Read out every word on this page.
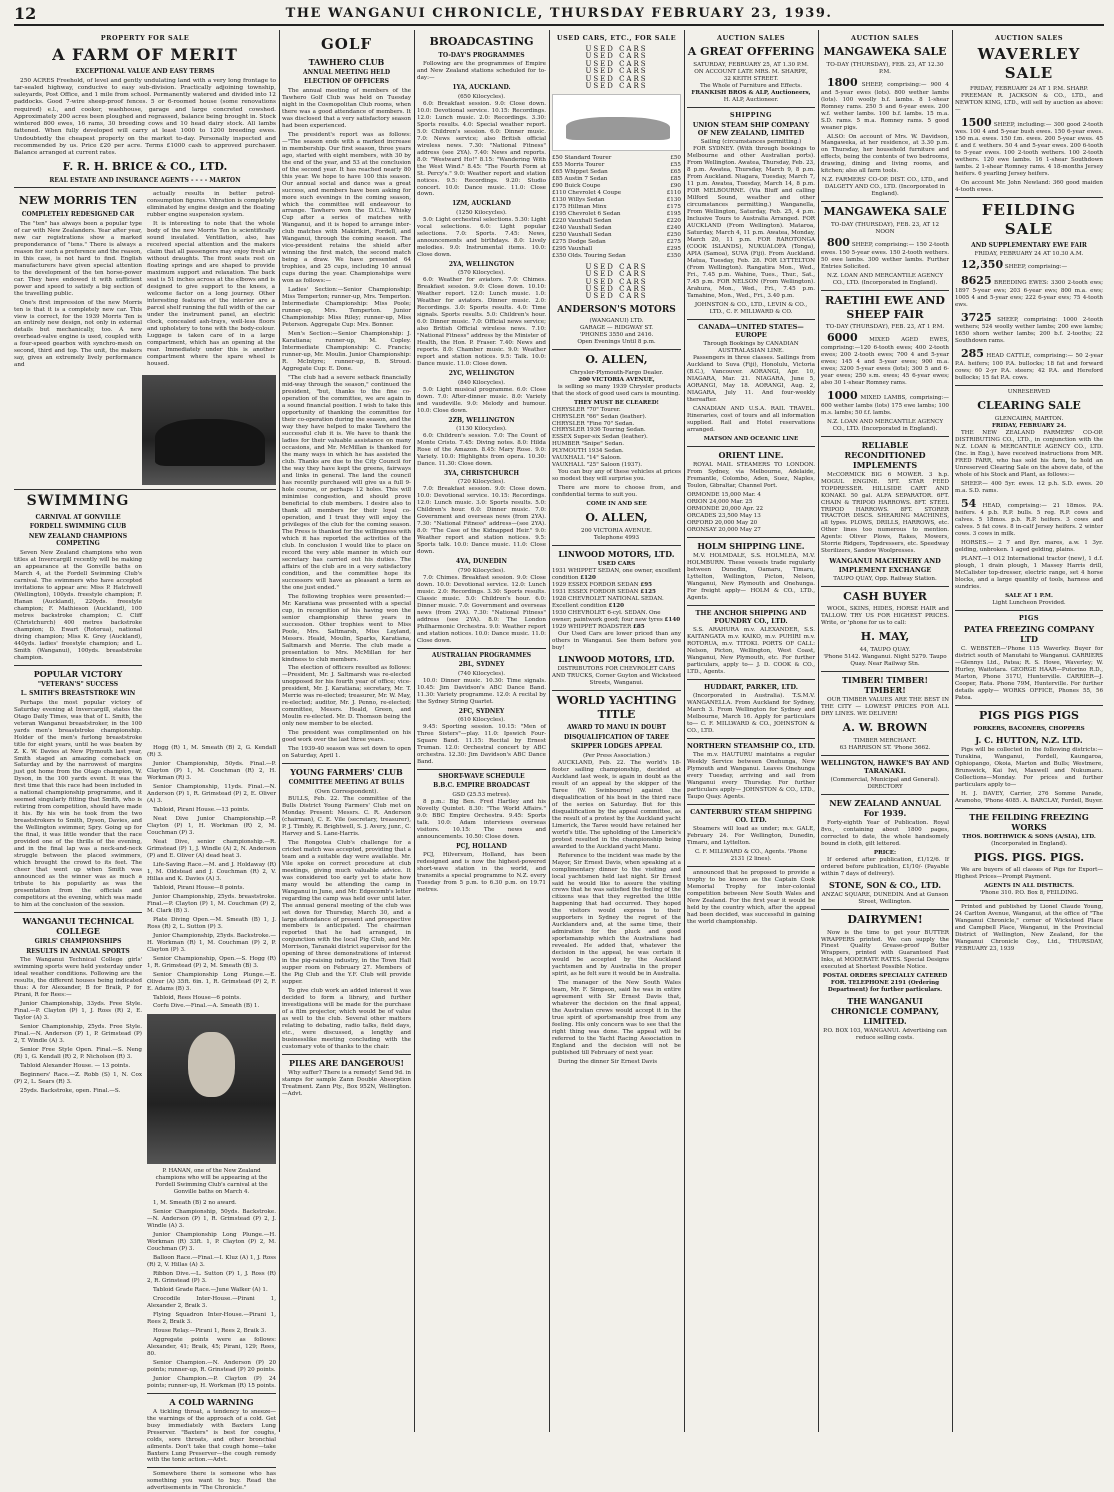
12	THE WANGANUI CHRONICLE, THURSDAY FEBRUARY 23, 1939.
PROPERTY FOR SALE
A FARM OF MERIT
EXCEPTIONAL VALUE AND EASY TERMS

250 ACRES Freehold, of level and gently undulating land with a very long frontage to tar-sealed highway, conducive to easy sub-division. Practically adjoining township, saleyards, Post Office, and 1 mile from school. Permanently watered and divided into 12 paddocks. Good 7-wire sheep-proof fences. 5 or 6-roomed house (some renovations required) e.l., and cooker, washhouse, garage and large concreted cowshed. Approximately 200 acres been ploughed and regrassed, balance being brought in. Stock wintered 800 ewes, 16 rams, 30 breeding cows and 10 head dairy stock. All lambs fattened. When fully developed will carry at least 1000 to 1200 breeding ewes. Undoubtedly the cheapest property on the market to-day. Personally inspected and recommended by us. Price £20 per acre. Terms £1000 cash to approved purchaser. Balance arranged at current rates.

F. R. H. BRICE & CO., LTD.
REAL ESTATE AND INSURANCE AGENTS - - - - MARTON
NEW MORRIS TEN
COMPLETELY REDESIGNED CAR

The "ten" has always been a popular type of car with New Zealanders. Year after year, new car registrations show a marked preponderance of "tens." There is always a reason for such a preference and the reason, in this case, is not hard to find. English manufacturers have given special attention to the development of the ten horse-power car. They have endowed it with sufficient power and speed to satisfy a big section of the travelling public.

One's first impression of the new Morris ten is that it is a completely new car. This view is correct, for the 1939 Morris Ten is an entirely new design, not only in external details but mechanically, too. A new overhead-valve engine is used, coupled with a four-speed gearbox with synchro-mesh on second, third and top. The unit, the makers say, gives an extremely lively performance and

actually results in better petrol-consumption figures. Vibration is completely eliminated by engine design and the floating rubber engine suspension system.

It is interesting to note that the whole body of the new Morris Ten is scientifically sound insulated. Ventilation, also, has received special attention and the makers claim that all passengers may enjoy fresh air without draughts. The front seats rest on floating springs and are shaped to provide maximum support and relaxation. The back seat is 51 inches across at the elbows and is designed to give support to the knees, a welcome factor on a long journey. Other interesting features of the interior are a parcel shelf running the full width of the car under the instrument panel, an electric clock, concealed ash-trays, well-less floors and upholstery to tone with the body-colour. Luggage is taken care of in a large compartment, which has an opening at the rear. Immediately under this is another compartment where the spare wheel is housed.

SWIMMING
CARNIVAL AT GONVILLE
FORDELL SWIMMING CLUB
NEW ZEALAND CHAMPIONS COMPETING

Seven New Zealand champions who won titles at Invercargill recently will be making an appearance at the Gonville baths on March 4, at the Fordell Swimming Club's carnival. The swimmers who have accepted invitations to appear are: Miss P. Hatchwell (Wellington), 100yds. freestyle champion; F. Hanan (Auckland), 220yds. freestyle champion; F. Mathieson (Auckland), 100 metres backstroke champion; C. Cliff (Christchurch) 400 metres backstroke champion; D. Ewart (Rotorua), national diving champion; Miss K. Grey (Auckland), 440yds. ladies' freestyle champion; and L. Smith (Wanganui), 100yds. breaststroke champion.

POPULAR VICTORY
"VETERAN'S" SUCCESS
L. SMITH'S BREASTSTROKE WIN

Perhaps the most popular victory of Saturday evening at Invercargill, states the Otago Daily Times, was that of L. Smith, the veteran Wanganui breaststroker, in the 100 yards men's breaststroke championship. Holder of the men's furlong breaststroke title for eight years, until he was beaten by Z. K. W. Davies at New Plymouth last year, Smith staged an amazing comeback on Saturday and by the narrowest of margins just got home from the Otago champion, W. Dyson, in the 100 yards event. It was the first time that this race had been included in a national championship programme, and it seemed singularly fitting that Smith, who is retiring from competition, should have made it his. By his win he took from the two breaststrokers to Smith, Dyson, Davies, and the Wellington swimmer, Spry. Going up for the final, it was little wonder that the race provided one of the thrills of the evening, and in the final lap was a neck-and-neck struggle between the placed swimmers, which brought the crowd to its feet. The cheer that went up when Smith was announced as the winner was as much a tribute to his popularity as was the presentation from the officials and competitors at the evening, which was made to him at the conclusion of the session.

WANGANUI TECHNICAL COLLEGE
GIRLS' CHAMPIONSHIPS
RESULTS IN ANNUAL SPORTS

The Wanganui Technical College girls' swimming sports were held yesterday under ideal weather conditions. Following are the results, the different houses being indicated thus: A for Alexander, B for Braik, P for Pirani, R for Rees:—

Junior Championship, 33yds. Free Style. Final.—P. Clayton (P) 1, J. Ross (R) 2, E. Taylor (A) 3.

Senior Championship, 25yds. Free Style. Final.—N. Anderson (P) 1, P. Grimstead (P) 2, T. Windle (A) 3.

Senior Free Style Open. Final.—S. Neng (R) 1, G. Kendall (R) 2, P. Nicholson (R) 3.

Tabloid Alexander House. — 13 points.

Beginners' Race.—Z. Robb (S) 1, N. Cox (P) 2, L. Sears (R) 3.

25yds. Backstroke, open. Final.—S.

Hogg (R) 1, M. Smeath (B) 2, G. Kendall (R) 3.

Junior Championship, 50yds. Final.—P. Clayton (P) 1, M. Couchman (R) 2, H. Workman (R) 3.

Senior Championship, 11yds. Final.—N. Anderson (P) 1, R. Grimstead (P) 2, E. Oliver (A) 3.

Tabloid, Pirani House.—13 points.

Neat Dive Junior Championship.—P. Clayton (P) 1, H. Workman (R) 2, M. Couchman (P) 3.

Neat Dive, senior championship.—R. Grimstead (P) 1, J. Windle (A) 2, N. Anderson (P) and E. Oliver (A) dead heat 3.

Life-Saving Race.—M. and J. Holdaway (R) 1, M. Oldstead and J. Couchman (R) 2, V. Hillas and K. Davies (A) 3.

Tabloid, Pirani House—8 points.

Junior Championship, 25yds. breaststroke. Final.—P. Clayton (P) 1, M. Couchman (P) 2, M. Clark (B) 3.

Plate Diving Open.—M. Smeath (B) 1, J. Ross (R) 2, L. Sutton (P) 3.

Junior Championship, 25yds. Backstroke.—H. Workman (R) 1, M. Couchman (P) 2, P. Clayton (P) 3.

Senior Championship, Open.—S. Hogg (R) 1, R. Grimstead (P) 2, M. Smeath (B) 3.

Senior Championship Long Plunge.—E. Oliver (A) 35ft. 6in. 1, R. Grimstead (P) 2, F. E. Adams (B) 3.

Tabloid, Rees House—6 points.

Corfu Dive.—Final.—A. Smeath (B) 1.

P. HANAN, one of the New Zealand champions who will be appearing at the Fordell Swimming Club's carnival at the Gonville baths on March 4.

1, M. Smeath (B) 2 no award.

Senior Championship, 50yds. Backstroke.—N. Anderson (P) 1, R. Grimstead (P) 2, J. Windle (A) 3.

Junior Championship Long Plunge.—H. Workman (R) 33ft. 1, P. Clayton (P) 2, M. Couchman (P) 3.

Balloon Race.—Final.—I. Kluz (A) 1, J. Ross (R) 2, V. Hillas (A) 3.

Ribbon Dive.—L. Sutton (P) 1, J. Ross (R) 2, R. Grinstead (P) 3.

Tabloid Grade Race.—June Walker (A) 1.

Crocodile Inter-House.—Pirani 1, Alexander 2, Braik 3.

Flying Squadron Inter-House.—Pirani 1, Rees 2, Braik 3.

House Relay.—Pirani 1, Rees 2, Braik 3.

Aggregate points were as follows: Alexander, 41; Braik, 45; Pirani, 129; Rees, 80.

Senior Champion.—N. Anderson (P) 20 points; runner-up, R. Grinstead (P) 20 points.

Junior Champion.—P. Clayton (P) 24 points; runner-up, H. Workman (R) 15 points.

A COLD WARNING

A tickling throat, a tendency to sneeze—the warnings of the approach of a cold. Get busy immediately with Baxters Lung Preserver. "Baxters" is best for coughs, colds, sore throats, and other bronchial ailments. Don't take that cough home—take Baxters Lung Preserver—the cough remedy with the tonic action.—Advt.

Somewhere there is someone who has something you want to buy. Read the advertisements in "The Chronicle."

GOLF
TAWHERO CLUB
ANNUAL MEETING HELD
ELECTION OF OFFICERS

The annual meeting of members of the Tawhero Golf Club was held on Tuesday night in the Cosmopolitan Club rooms, when there was a good attendance of members. It was disclosed that a very satisfactory season had been experienced.

The president's report was as follows:—"The season ends with a marked increase in membership. Our first season, three years ago, started with eight members, with 30 by the end of the year, and 53 at the conclusion of the second year. It has reached nearly 80 this year. We hope to have 100 this season. Our annual social and dance was a great success, and members have been asking for more such evenings in the coming season, which the committee will endeavour to arrange. Tawhero won the D.C.L. Whisky Cup after a series of matches with Wanganui, and it is hoped to arrange inter-club matches with Makirikiri, Fordell, and Wanganui, through the coming season. The vice-president retains the shield after winning the first match, the second match being a draw. We have presented 64 trophies, and 25 cups, including 10 annual cups during the year. Championships were won as follows:—

Ladies' Section:—Senior Championship: Miss Temperton; runner-up, Mrs. Temperton. Intermediate Championship: Miss Poole; runner-up, Mrs. Temperton. Junior Championship: Miss Riley; runner-up, Miss Peterson. Aggregate Cup: Mrs. Bonner.

Men's Section:—Senior Championship: J. Karatiana; runner-up, M. Copley. Intermediate Championship: C. Francis; runner-up, Mr. Moulin. Junior Championship: R. McIntyre; runner-up, B. Stroud. Aggregate Cup: E. Done.

"The club had a severe setback financially mid-way through the season," continued the president, "but, thanks to the fine co-operation of the committee, we are again in a sound financial position. I wish to take this opportunity of thanking the committee for their co-operation during the season, and the way they have helped to make Tawhero the successful club it is. We have to thank the ladies for their valuable assistance on many occasions, and Mr. McMillan is thanked for the many ways in which he has assisted the club. Thanks are due to the City Council for the way they have kept the greens, fairways and links in general. The land the council has recently purchased will give us a full 9-hole course, or perhaps 12 holes. This will minimise congestion, and should prove beneficial to club members. I desire also to thank all members for their loyal co-operation, and I trust they will enjoy the privileges of the club for the coming season. The Press is thanked for the willingness with which it has reported the activities of the club. In conclusion I would like to place on record the very able manner in which our secretary has carried out his duties. The affairs of the club are in a very satisfactory condition, and the committee hope its successors will have as pleasant a term as the one just ended."

The following trophies were presented:—Mr. Karatiana was presented with a special cup, in recognition of his having won the senior championship three years in succession. Other trophies went to Miss Poole, Mrs. Saltmarsh, Miss Leyland, Messrs. Heald, Moulin, Sparks, Karatiana, Saltmarsh and Merrie. The club made a presentation to Mrs. McMillan for her kindness to club members.

The election of officers resulted as follows:—President, Mr. J. Saltmarsh was re-elected unopposed for his fourth year of office; vice-president, Mr. J. Karatiana; secretary, Mr. T. Merrie was re-elected; treasurer, Mr. W. May, re-elected; auditor, Mr. J. Penno, re-elected; committee, Messrs. Heald, Green, and Moulin re-elected. Mr. D. Thomson being the only new member to be elected.

The president was complimented on his good work over the last three years.

The 1939-40 season was set down to open on Saturday, April 1.

YOUNG FARMERS' CLUB
COMMITTEE MEETING AT BULLS
(Own Correspondent).

BULLS, Feb. 22. The committee of the Bulls District Young Farmers' Club met on Monday. Present: Messrs. C. R. Anderson (chairman), C. E. Vile (secretary, treasurer), P. J. Timbly, R. Brightwell, S. J. Avery, junr., C. Harvey and S. Lane-Harris.

The Rongotea Club's challenge for a cricket match was accepted, providing that a team and a suitable day were available. Mr. Vile spoke on correct procedure at club meetings, giving much valuable advice. It was considered too early yet to state how many would be attending the camp in Wanganui in June, and Mr. Edgecomb's letter regarding the camp was held over until later. The annual general meeting of the club was set down for Thursday, March 30, and a large attendance of present and prospective members is anticipated. The chairman reported that he had arranged, in conjunction with the local Pig Club, and Mr. Morrison, Taranaki district supervisor for the opening of three demonstrations of interest in the pig-raising industry, in the Town Hall supper room on February 27. Members of the Pig Club and the Y.F. Club will provide supper.

To give club work an added interest it was decided to form a library, and further investigations will be made for the purchase of a film projector, which would be of value as well to the club. Several other matters relating to debating, radio talks, field days, etc., were discussed, a lengthy and businesslike meeting concluding with the customary vote of thanks to the chair.

PILES ARE DANGEROUS!

Why suffer? There is a remedy! Send 9d. in stamps for sample Zann Double Absorption Treatment. Zann Pty., Box 952N, Wellington.—Advt.

BROADCASTING
TO-DAY'S PROGRAMMES

Following are the programmes of Empire and New Zealand stations scheduled for to-day:—

1YA, AUCKLAND.
(650 Kilocycles).

6.0: Breakfast session. 9.0: Close down. 10.0: Devotional service. 10.15: Recordings. 12.0: Lunch music. 2.0: Recordings. 3.30: Sports results. 4.0: Special weather report. 5.0: Children's session. 6.0: Dinner music. 7.0: News service; also British official wireless news. 7.30: "National Fitness" address (see 2YA). 7.40: News and reports. 8.0: "Westward Ho!" 8.15: "Wandering With the West Wind." 8.45: "The Fourth Form at St. Percy's." 9.0: Weather report and station notices. 9.5: Recordings. 9.20: Studio concert. 10.0: Dance music. 11.0: Close down.

1ZM, AUCKLAND
(1250 Kilocycles).

5.0: Light orchestral selections. 5.30: Light vocal selections. 6.0: Light popular selections. 7.0: Sports. 7.45: News, announcements and birthdays. 8.0: Lively melodies. 9.0: Instrumental items. 10.0: Close down.

2YA, WELLINGTON
(570 Kilocycles).

6.0: Weather for aviators. 7.0: Chimes. Breakfast session. 9.0: Close down. 10.10: Weather report. 12.0: Lunch music. 1.0: Weather for aviators. Dinner music. 2.0: Recordings. 3.0: Sports results. 4.0: Time signals. Sports results. 5.0: Children's hour. 6.0: Dinner music. 7.0: Official news service; also British Official wireless news. 7.10: "National Fitness" address by the Minister of Health, the Hon. P. Fraser. 7.40: News and reports. 8.0: Chamber music. 9.0: Weather report and station notices. 9.5: Talk. 10.0: Dance music. 11.0: Close down.

2YC, WELLINGTON
(840 Kilocycles).

5.0: Light musical programme. 6.0: Close down. 7.0: After-dinner music. 8.0: Variety and vaudeville. 9.0: Melody and humour. 10.0: Close down.

2ZB, WELLINGTON
(1130 Kilocycles).

6.0: Children's session. 7.0: The Count of Monte Cristo. 7.45: Diving notes. 8.0: Hilda Rose of the Amazon. 8.45: Mary Rose. 9.0: Variety. 10.0: Highlights from opera. 10.30: Dance. 11.30: Close down.

3YA, CHRISTCHURCH
(720 Kilocycles).

7.0: Breakfast session. 9.0: Close down. 10.0: Devotional service. 10.15: Recordings. 12.0: Lunch music. 3.0: Sports results. 5.0: Children's hour. 6.0: Dinner music. 7.0: Government and overseas news (from 2YA). 7.30: "National Fitness" address—(see 2YA). 8.0: "The Case of the Kidnapped Heir." 9.0: Weather report and station notices. 9.5: Sports talk. 10.0: Dance music. 11.0: Close down.

4YA, DUNEDIN
(790 Kilocycles).

7.0: Chimes. Breakfast session. 9.0: Close down. 10.0: Devotional service. 12.0: Lunch music. 2.0: Recordings. 3.30: Sports results. Classic music. 5.0: Children's hour. 6.0: Dinner music. 7.0: Government and overseas news (from 2YA). 7.30: "National Fitness" address (see 2YA). 8.0: The London Philharmonic Orchestra. 9.0: Weather report and station notices. 10.0: Dance music. 11.0: Close down.

AUSTRALIAN PROGRAMMES
2BL, SYDNEY
(740 Kilocycles).

10.0: Dinner music. 10.30: Time signals. 10.45: Jim Davidson's ABC Dance Band. 11.30: Variety programme. 12.0: A recital by the Sydney String Quartet.

2FC, SYDNEY
(610 Kilocycles).

9.45: Sporting session. 10.15: "Men of Three Sisters"—play. 11.0: Ipswich Four-Square Band. 11.15: Recital by Ernest Truman. 12.0: Orchestral concert by ABC orchestra. 12.30: Jim Davidson's ABC Dance Band.

SHORT-WAVE SCHEDULE
B.B.C. EMPIRE BROADCAST
GSD (25.53 metres).

8 p.m.: Big Ben. Fred Hartley and his Novelty Quintet. 8.30: "The World Affairs." 9.0: BBC Empire Orchestra. 9.45: Sports talk. 10.0: Adam interviews overseas visitors. 10.15: The news and announcements. 10.50: Close down.

PCJ, HOLLAND

PCJ, Hilversum, Holland, has been redesigned and is now the highest-powered short-wave station in the world, and transmits a special programme to N.Z. every Tuesday from 5 p.m. to 6.30 p.m. on 19.71 metres.

USED CARS, ETC., FOR SALE
USED CARS
USED CARS
USED CARS
USED CARS
USED CARS
USED CARS
£50 Standard Tourer	£50
£55 Morris Tourer	£55
£65 Whippet Sedan	£65
£85 Austin 7 Sedan	£85
£90 Buick Coupe	£90
£110 Chevrolet 4 Coupe	£110
£130 Willys Sedan	£130
£175 Hillman Minx	£175
£195 Chevrolet 6 Sedan	£195
£220 Vauxhall Sedan	£220
£240 Vauxhall Sedan	£240
£250 Vauxhall Sedan	£250
£275 Dodge Sedan	£275
£295 Vauxhall	£295
£350 Olds. Touring Sedan	£350
USED CARS
USED CARS
USED CARS
USED CARS
USED CARS
ANDERSON'S MOTORS
(WANGANUI) LTD.
GARAGE — RIDGWAY ST.
'PHONES 3550 and 2416.
Open Evenings Until 8 p.m.
O. ALLEN,
Chrysler-Plymouth-Fargo Dealer.
200 VICTORIA AVENUE,

is selling so many 1939 Chrysler products that the stock of good used cars is mounting.

THEY MUST BE CLEARED!
CHRYSLER "70" Tourer.
CHRYSLER "66" Sedan (leather).
CHRYSLER "Fine 70" Sedan.
CHRYSLER 1936 Touring Sedan.
ESSEX Super-six Sedan (leather).
HUMBER "Snipe" Sedan.
PLYMOUTH 1934 Sedan.
VAUXHALL "14" Saloon.
VAUXHALL "25" Saloon (1937).

You can buy any of these vehicles at prices so modest they will surprise you.

There are more to choose from, and confidential terms to suit you.

COME IN AND SEE
O. ALLEN,
200 VICTORIA AVENUE.
Telephone 4993
LINWOOD MOTORS, LTD.
USED CARS
1931 WHIPPET SEDAN, one owner, excellent condition £120
1929 ESSEX FORDOR SEDAN £95
1931 ESSEX FORDOR SEDAN £125
1928 CHEVROLET NATIONAL SEDAN. Excellent condition £120
1930 CHEVROLET 6-cyl. SEDAN. One owner; paintwork good; four new tyres £140
1929 WHIPPET ROADSTER £85

Our Used Cars are lower priced than any others in Wanganui. See them before you buy!

LINWOOD MOTORS, LTD.
DISTRIBUTORS FOR CHEVROLET CARS AND TRUCKS, Corner Guyton and Wicksteed Streets, Wanganui.
WORLD YACHTING TITLE
AWARD TO MANU IN DOUBT
DISQUALIFICATION OF TAREE
SKIPPER LODGES APPEAL
(Per Press Association.)

AUCKLAND, Feb. 22. The world's 18-footer sailing championship, decided at Auckland last week, is again in doubt as the result of an appeal by the skipper of the Taree (W. Swinbourne) against the disqualification of his boat in the third race of the series on Saturday. But for this disqualification by the appeal committee, as the result of a protest by the Auckland yacht Limerick, the Taree would have retained her world's title. The upholding of the Limerick's protest resulted in the championship being awarded to the Auckland yacht Manu.

Reference to the incident was made by the Mayor, Sir Ernest Davis, when speaking at a complimentary dinner to the visiting and local yachtsmen held last night. Sir Ernest said he would like to assure the visiting crews that he was satisfied the feeling of the citizens was that they regretted the little happening that had occurred. They hoped the visitors would express to their supporters in Sydney the regret of the Aucklanders and, at the same time, their admiration for the pluck and good sportsmanship which the Australians had revealed. He added that, whatever the decision in the appeal, he was certain it would be accepted by the Auckland yachtsmen and by Australia in the proper spirit, as he felt sure it would be in Australia.

The manager of the New South Wales team, Mr. F. Simpson, said he was in entire agreement with Sir Ernest Davis that, whatever the decision on the final appeal, the Australian crews would accept it in the true spirit of sportsmanship free from any feeling. His only concern was to see that the right thing was done. The appeal will be referred to the Yacht Racing Association in England and the decision will not be published till February of next year.

During the dinner Sir Ernest Davis

AUCTION SALES
A GREAT OFFERING
SATURDAY, FEBRUARY 25, AT 1.30 P.M.
ON ACCOUNT LATE MRS. M. SHARPE,
32 KEITH STREET.
The Whole of Furniture and Effects.
FRANKISH BROS & ALP, Auctioneers,
H. ALP, Auctioneer.
SHIPPING
UNION STEAM SHIP COMPANY OF NEW ZEALAND, LIMITED
Sailing (circumstances permitting.)

FOR SYDNEY. (With through bookings to Melbourne and other Australian ports). From Wellington. Awatea, Thursday, Feb. 23, 8 p.m. Awatea, Thursday, March 9, 8 p.m. From Auckland. Niagara, Tuesday, March 7, 11 p.m. Awatea, Tuesday, March 14, 8 p.m. FOR MELBOURNE. (Via Bluff and calling Milford Sound, weather and other circumstances permitting.) Wanganella, From Wellington, Saturday, Feb. 25, 4 p.m. Inclusive Tours to Australia Arranged. FOR AUCKLAND (From Wellington). Mataroa, Saturday, March 4, 11 p.m. Awatea, Monday, March 20, 11 p.m. FOR RAROTONGA (COOK ISLANDS), NUKUALOFA (Tonga), APIA (Samoa), SUVA (Fiji). From Auckland. Matua, Tuesday, Feb. 28. FOR LYTTELTON (From Wellington). Rangatira Mon., Wed., Fri., 7.45 p.m. Wahine, Tues., Thur., Sat., 7.45 p.m. FOR NELSON (From Wellington). Arahura, Mon., Wed., Fri., 7.45 p.m. Tamahine, Mon., Wed., Fri., 3.40 p.m.

JOHNSTON & CO., LTD., LEVIN & CO., LTD., C. F. MILLWARD & CO.
CANADA—UNITED STATES—EUROPE
Through Bookings by CANADIAN AUSTRALASIAN LINE.

Passengers in three classes. Sailings from Auckland to Suva (Fiji), Honolulu, Victoria (B.C.), Vancouver. AORANGI, Apr. 10, NIAGARA, Mar. 21. NIAGARA, June 5, AORANGI, May 18. AORANGI, Aug. 2, NIAGARA, July 11. And four-weekly thereafter.

CANADIAN AND U.S.A. RAIL TRAVEL. Itineraries, cost of tours and all information supplied. Rail and Hotel reservations arranged.

MATSON AND OCEANIC LINE
ORIENT LINE.

ROYAL MAIL STEAMERS TO LONDON. From Sydney, via Melbourne, Adelaide, Fremantle, Colombo, Aden, Suez, Naples, Toulon, Gibraltar, Channel Port.

ORMONDE 15,000 Mar. 4
ORION 24,000 Mar. 25
ORMONDE 20,000 Apr. 22
ORCADES 23,500 May 13
ORFORD 20,000 May 20
ORONSAY 20,000 May 27
HOLM SHIPPING LINE.

M.V. HOLMDALE, S.S. HOLMLEA, M.V. HOLMBURN. These vessels trade regularly between Dunedin, Oamaru, Timaru, Lyttelton, Wellington, Picton, Nelson, Wanganui, New Plymouth and Onehunga. For freight apply— HOLM & CO., LTD., Agents.

THE ANCHOR SHIPPING AND FOUNDRY CO., LTD.

S.S. ARAHURA m.v. ALEXANDER, S.S. KAITANGATA m.v. KAIKO, m.v. PUHIRI m.v. ROTORUA, m.v. TITOKI. PORTS OF CALL: Nelson, Picton, Wellington, West Coast, Wanganui, New Plymouth, etc. For further particulars, apply to— J. D. COOK & CO., LTD., Agents.

HUDDART, PARKER, LTD.

(Incorporated in Australia). T.S.M.V. WANGANELLA. From Auckland for Sydney, March 3. From Wellington for Sydney and Melbourne, March 16. Apply for particulars to— C. F. MILLWARD & CO., JOHNSTON & CO., LTD.

NORTHERN STEAMSHIP CO., LTD.

The m.v. HAUTURU maintains a regular Weekly Service between Onehunga, New Plymouth and Wanganui. Leaves Onehunga every Tuesday, arriving and sail from Wanganui every Thursday. For further particulars apply— JOHNSTON & CO., LTD., Taupo Quay. Agents.

CANTERBURY STEAM SHIPPING CO. LTD.

Steamers will load as under; m.v. GALE, February 24. For Wellington, Dunedin, Timaru, and Lyttelton.

C. F. MILLWARD & CO., Agents. 'Phone 2131 (2 lines).

announced that he proposed to provide a trophy to be known as the Captain Cook Memorial Trophy for inter-colonial competition between New South Wales and New Zealand. For the first year it would be held by the country which, after the appeal had been decided, was successful in gaining the world championship.

AUCTION SALES
MANGAWEKA SALE
TO-DAY (THURSDAY), FEB. 23, AT 12.30 P.M.

1800 SHEEP, comprising:— 900 4 and 5-year ewes (lots). 800 wether lambs (lots). 100 woolly b.f. lambs. 8 1-shear Romney rams. 250 5 and 6-year ewes. 200 w.f. wether lambs. 100 b.f. lambs. 15 m.a. S.D. rams. 5 m.a. Romney rams. 5 good weaner pigs.

ALSO: On account of Mrs. W. Davidson, Mangaweka, at her residence, at 3.30 p.m. on Thursday, her household furniture and effects, being the contents of two bedrooms, drawing, dining and living rooms, and kitchen; also all farm tools.

N.Z. FARMERS' CO-OP. DIST. CO., LTD., and DALGETY AND CO., LTD. (Incorporated in England).
MANGAWEKA SALE
TO-DAY (THURSDAY), FEB. 23, AT 12 NOON

800 SHEEP, comprising:— 150 2-tooth ewes. 150 5-year ewes. 150 2-tooth wethers. 50 ewe lambs. 300 wether lambs. Further Entries Solicited.

N.Z. LOAN AND MERCANTILE AGENCY CO., LTD. (Incorporated in England).
RAETIHI EWE AND SHEEP FAIR
TO-DAY (THURSDAY), FEB. 23, AT 1 P.M.

6000 MIXED AGED EWES, comprising:—120 6-tooth ewes; 400 2-tooth ewes; 200 2-tooth ewes; 700 4 and 5-year ewes; 145 4 and 5-year ewes; 900 m.a. ewes; 3200 5-year ewes (lots); 300 5 and 6-year ewes; 250 s.m. ewes; 45 6-year ewes; also 30 1-shear Romney rams.

1000 MIXED LAMBS, comprising:— 600 wether lambs (lots) 175 ewe lambs; 100 m.s. lambs; 50 f.f. lambs.

N.Z. LOAN AND MERCANTILE AGENCY CO., LTD. (Incorporated in England).
RELIABLE RECONDITIONED IMPLEMENTS

McCORMICK BIG 6 MOWER. 3 h.p. MOGUL ENGINE. 5FT. STAR FEED TOPDRESSER. HILLSIDE CART AND KONAKI. 50 gal. ALFA SEPARATOR. 6FT. CHAIN & TRIPOD HARROWS. 8FT. STEEL TRIPOD HARROWS. 8FT. STORER TRACTOR DISCS. SHEARING MACHINES, all types. PLOWS, DRILLS, HARROWS, etc. Other lines too numerous to mention. Agents: Oliver Plows, Rakes, Mowers, Storrie Ridgers, Topdressers, etc. Speedway Sterilizers, Sandow Woolpresses.

WANGANUI MACHINERY AND IMPLEMENT EXCHANGE
TAUPO QUAY, Opp. Railway Station.
CASH BUYER

WOOL, SKINS, HIDES, HORSE HAIR and TALLOW. TRY US FOR HIGHEST PRICES. Write, or 'phone for us to call:

H. MAY,
44, TAUPO QUAY.
'Phone 5142. Wanganui. Night 5279. Taupo Quay. Near Railway Stn.
TIMBER! TIMBER! TIMBER!

OUR TIMBER VALUES ARE THE BEST IN THE CITY — LOWEST PRICES FOR ALL DRY LINES. WE DELIVER!

A. W. BROWN
TIMBER MERCHANT.
63 HARRISON ST. 'Phone 3662.
WELLINGTON, HAWKE'S BAY AND TARANAKI.
(Commercial, Municipal and General). DIRECTORY
NEW ZEALAND ANNUAL For 1939.

Forty-eighth Year of Publication. Royal 8vo., containing about 1800 pages, corrected to date, the whole handsomely bound in cloth, gilt lettered.

PRICE:

If ordered after publication, £1/12/6. If ordered before publication, £1/10/- (Payable within 7 days of delivery).

STONE, SON & CO., LTD.
ANZAC SQUARE, DUNEDIN. And at Gunson Street, Wellington.
DAIRYMEN!

Now is the time to get your BUTTER WRAPPERS printed. We can supply the Finest Quality Grease-proof Butter Wrappers, printed with Guaranteed Fast Inks, at MODERATE RATES. Special Designs executed at Shortest Possible Notice.

POSTAL ORDERS SPECIALLY CATERED FOR. TELEPHONE 2191 (Ordering Department) for further particulars.
THE WANGANUI CHRONICLE COMPANY, LIMITED.
P.O. BOX 103, WANGANUI. Advertising can reduce selling costs.
AUCTION SALES
WAVERLEY SALE
FRIDAY, FEBRUARY 24 AT 1 P.M. SHARP.

FREEMAN R. JACKSON & CO., LTD., and NEWTON KING, LTD., will sell by auction as above:—

1500 SHEEP, including:— 300 good 2-tooth wes. 100 4 and 5-year bush ewes. 150 6-year ewes. 150 m.a. ewes. 150 f.m. ewes. 200 5-year ewes. 45 f. and f. wethers. 50 4 and 5-year ewes. 200 6-tooth to 5-year ewes. 100 2-tooth wethers. 100 2-tooth wethers. 120 ewe lambs. 16 1-shear Southdown lambs. 2 1-shear Romney rams. 4 18-months Jersey heifers. 6 yearling Jersey heifers.

On account Mr. John Newland: 360 good maiden 4-tooth ewes.

FEILDING SALE
AND SUPPLEMENTARY EWE FAIR
FRIDAY, FEBRUARY 24 AT 10.30 A.M.

12,350 SHEEP, comprising:—

8625 BREEDING EWES: 3300 2-tooth ews; 1897 5-year ews; 203 6-year ews; 800 m.a. ews; 1005 4 and 5-year ews; 222 6-year ews; 75 4-tooth ews.

3725 SHEEP, comprising: 1000 2-tooth wethers; 524 woolly wether lambs; 200 ewe lambs; 1650 shorn wether lambs; 200 b.f. 2-tooths; 22 Southdown rams.

285 HEAD CATTLE, comprising:— 50 2-year P.A. heifers; 100 P.A. bullocks; 18 fat and forward cows; 60 2-yr P.A. steers; 42 P.A. and Hereford bullocks; 15 fat P.A. cows.

UNRESERVED
CLEARING SALE
GLENCAIRN, MARTON.
FRIDAY, FEBRUARY 24.

THE NEW ZEALAND FARMERS' CO-OP. DISTRIBUTING CO., LTD., in conjunction with the N.Z. LOAN & MERCANTILE AGENCY CO., LTD. (Inc. in Eng.), have received instructions from MR. FRED FARR, who has sold his farm, to hold an Unreserved Clearing Sale on the above date, of the whole of his Stock and Plant, as follows:—

SHEEP.— 400 5yr. ewes. 12 p.h. S.D. ewes. 20 m.a. S.D. rams.

54 HEAD, comprising:— 21 18mos. P.A. heifers. 4 p.b. R.P. bulls. 5 reg. R.P. cows and calves. 5 18mos. p.b. R.P. heifers. 3 cows and calves. 5 fat cows. 8 in-calf Jersey heifers. 2 winter cows. 3 cows in milk.

HORSES.— 2 7 and 8yr. mares, a.w. 1 3yr. gelding, unbroken. 1 aged gelding, plains.

PLANT.—1 O12 International tractor (new), 1 d.f. plough, 1 drain plough, 1 Massey Harris drill, McCalister top-dresser, electric range, set 4 horse blocks, and a large quantity of tools, harness and sundries.

SALE AT 1 P.M.
Light Luncheon Provided.
PIGS
PATEA FREEZING COMPANY LTD

C. WEBSTER—'Phone 115 Waverley. Buyer for district south of Manutahi to Wanganui. CARRIERS—Glennys Ltd., Patea; R. S. Howe, Waverley; W. Hurley, Waitotara. GEORGE HAAR—Putorino R.D., Marton, Phone 317U, Hunterville. CARRIER—J. Cooper, Rata. Phone 79M, Hunterville. For further details apply— WORKS OFFICE, Phones 55, 56 Patea.

PIGS PIGS PIGS
PORKERS, BACONERS, CHOPPERS
J. C. HUTTON, N.Z. LTD.

Pigs will be collected in the following districts:—Turakina, Wanganui, Fordell, Kaungaroa, Ophiopango, Okoia, Marton and Bulls; Westmere, Brunswick, Kai Iwi, Maxwell and Nukumaru. Collections—Monday. For prices and further particulars apply to—

H. J. DAVEY, Carrier, 276 Somme Parade, Aramoho, 'Phone 4085. A. BARCLAY, Fordell, Buyer.

THE FEILDING FREEZING WORKS
THOS. BORTHWICK & SONS (A/SIA), LTD.
(Incorporated in England).
PIGS. PIGS. PIGS.

We are buyers of all classes of Pigs for Export—Highest Prices—Prompt Payment.

AGENTS IN ALL DISTRICTS.
'Phone 310. P.O. Box 8, FEILDING.

Printed and published by Lionel Claude Young, 24 Carlton Avenue, Wanganui, at the office of "The Wanganui Chronicle," corner of Wicksteed Place and Campbell Place, Wanganui, in the Provincial District of Wellington, New Zealand, for the Wanganui Chronicle Coy., Ltd., THURSDAY, FEBRUARY 23, 1939
